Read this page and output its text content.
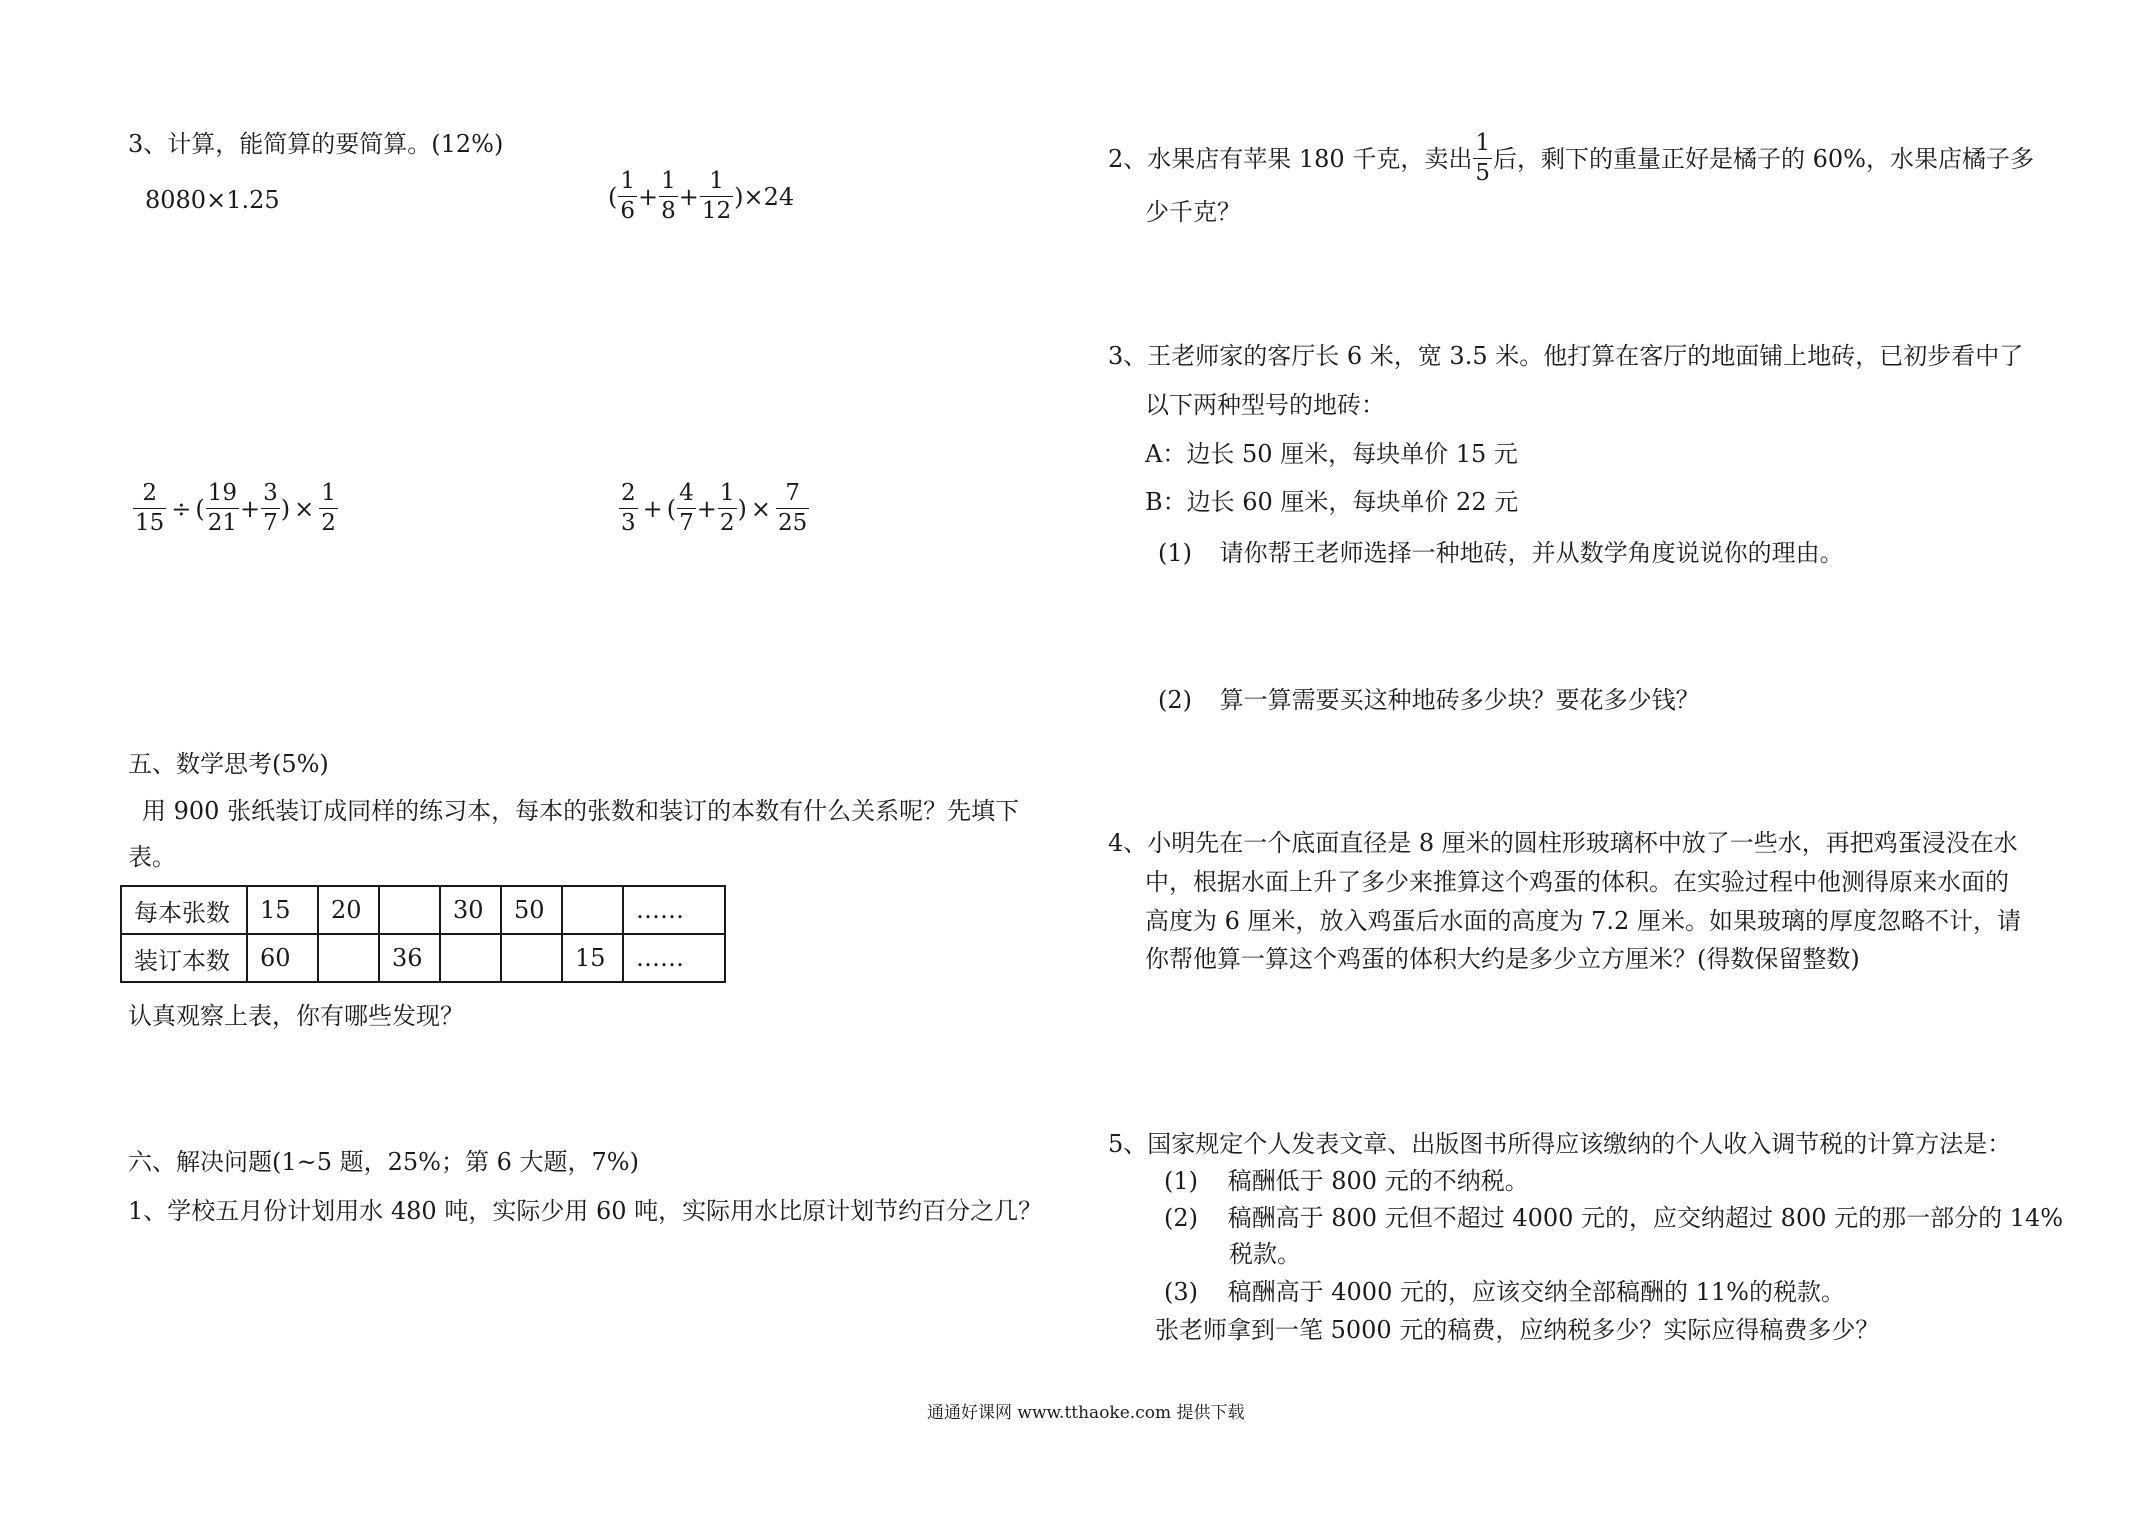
3、计算，能简算的要简算。(12%)
8080×1.25	( $\frac{1}{6} + \frac{1}{8} + \frac{1}{12} )\times 24$
$\frac{2}{15}$ ÷ ( $\frac{19}{21} + \frac{3}{7}$ ) × $\frac{1}{2}$	$\frac{2}{3}$ + ( $\frac{4}{7} + \frac{1}{2}$ ) × $\frac{7}{25}$
五、数学思考(5%)
用 900 张纸装订成同样的练习本，每本的张数和装订的本数有什么关系呢？先填下
表。
每本张数	15	20		30	50		……
装订本数	60		36			15	……
认真观察上表，你有哪些发现？
六、解决问题(1~5 题，25%；第 6 大题，7%)
1、学校五月份计划用水 480 吨，实际少用 60 吨，实际用水比原计划节约百分之几？
2、水果店有苹果 180 千克，卖出 $\frac{1}{5}$ 后，剩下的重量正好是橘子的 60%，水果店橘子多
少千克？
3、王老师家的客厅长 6 米，宽 3.5 米。他打算在客厅的地面铺上地砖，已初步看中了
以下两种型号的地砖：
A：边长 50 厘米，每块单价 15 元
B：边长 60 厘米，每块单价 22 元
(1) 请你帮王老师选择一种地砖，并从数学角度说说你的理由。
(2) 算一算需要买这种地砖多少块？要花多少钱？
4、小明先在一个底面直径是 8 厘米的圆柱形玻璃杯中放了一些水，再把鸡蛋浸没在水
中，根据水面上升了多少来推算这个鸡蛋的体积。在实验过程中他测得原来水面的
高度为 6 厘米，放入鸡蛋后水面的高度为 7.2 厘米。如果玻璃的厚度忽略不计，请
你帮他算一算这个鸡蛋的体积大约是多少立方厘米？(得数保留整数)
5、国家规定个人发表文章、出版图书所得应该缴纳的个人收入调节税的计算方法是：
(1) 稿酬低于 800 元的不纳税。
(2) 稿酬高于 800 元但不超过 4000 元的，应交纳超过 800 元的那一部分的 14%
税款。
(3) 稿酬高于 4000 元的，应该交纳全部稿酬的 11%的税款。
张老师拿到一笔 5000 元的稿费，应纳税多少？实际应得稿费多少？
通通好课网 www.tthaoke.com 提供下载
